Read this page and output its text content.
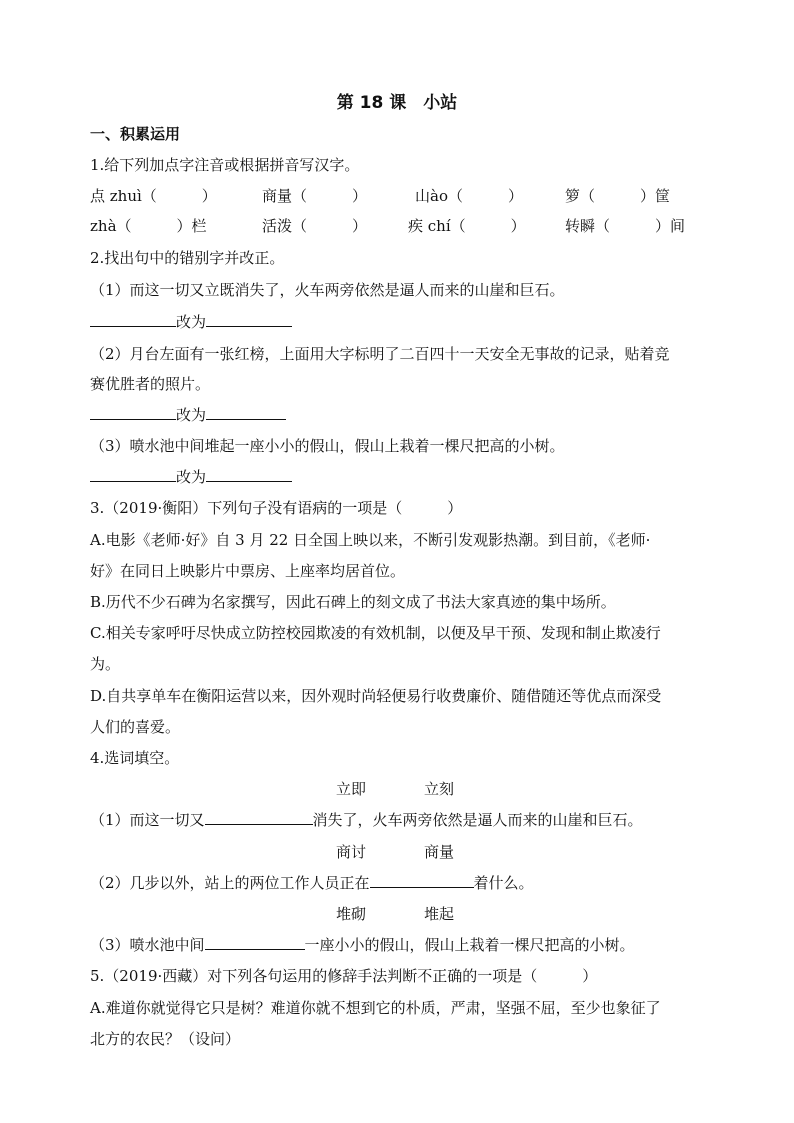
第 18 课　小站
一、积累运用
1.给下列加点字注音或根据拼音写汉字。
点 zhuì（　　　）	商量（　　　）	山ào（　　　）	箩（　　　）筐
zhà（　　　）栏	活泼（　　　）	疾 chí（　　　）	转瞬（　　　）间
2.找出句中的错别字并改正。
（1）而这一切又立既消失了，火车两旁依然是逼人而来的山崖和巨石。
改为
（2）月台左面有一张红榜，上面用大字标明了二百四十一天安全无事故的记录，贴着竞
赛优胜者的照片。
改为
（3）喷水池中间堆起一座小小的假山，假山上栽着一棵尺把高的小树。
改为
3.（2019·衡阳）下列句子没有语病的一项是（　　　）
A.电影《老师·好》自 3 月 22 日全国上映以来，不断引发观影热潮。到目前，《老师·
好》在同日上映影片中票房、上座率均居首位。
B.历代不少石碑为名家撰写，因此石碑上的刻文成了书法大家真迹的集中场所。
C.相关专家呼吁尽快成立防控校园欺凌的有效机制，以便及早干预、发现和制止欺凌行
为。
D.自共享单车在衡阳运营以来，因外观时尚轻便易行收费廉价、随借随还等优点而深受
人们的喜爱。
4.选词填空。
立即	立刻
（1）而这一切又	消失了，火车两旁依然是逼人而来的山崖和巨石。
商讨	商量
（2）几步以外，站上的两位工作人员正在	着什么。
堆砌	堆起
（3）喷水池中间	一座小小的假山，假山上栽着一棵尺把高的小树。
5.（2019·西藏）对下列各句运用的修辞手法判断不正确的一项是（　　　）
A.难道你就觉得它只是树？难道你就不想到它的朴质，严肃，坚强不屈，至少也象征了
北方的农民？（设问）
